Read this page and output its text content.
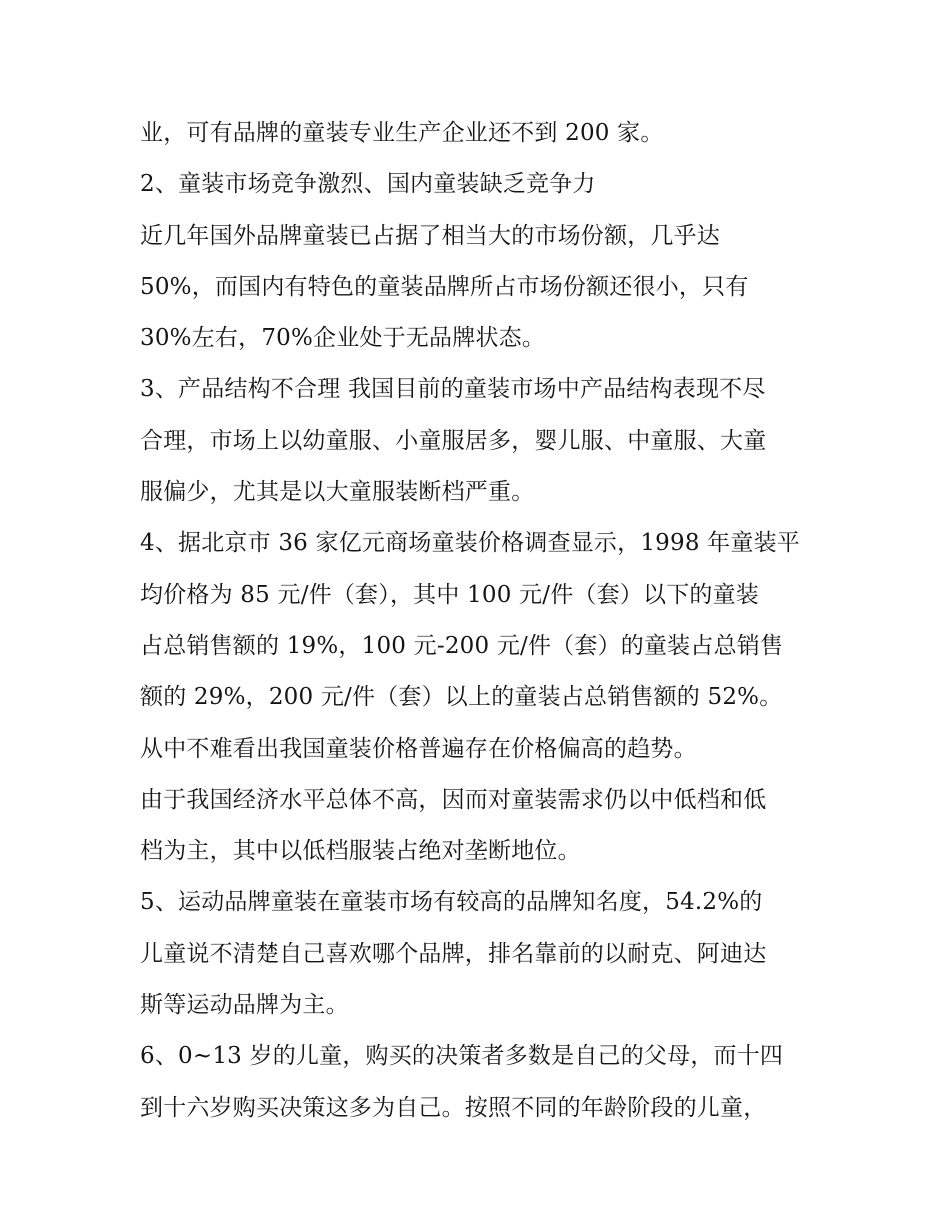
业，可有品牌的童装专业生产企业还不到 200 家。
2、童装市场竞争激烈、国内童装缺乏竞争力
近几年国外品牌童装已占据了相当大的市场份额，几乎达
50%，而国内有特色的童装品牌所占市场份额还很小，只有
30%左右，70%企业处于无品牌状态。
3、产品结构不合理 我国目前的童装市场中产品结构表现不尽
合理，市场上以幼童服、小童服居多，婴儿服、中童服、大童
服偏少，尤其是以大童服装断档严重。
4、据北京市 36 家亿元商场童装价格调查显示，1998 年童装平
均价格为 85 元/件（套），其中 100 元/件（套）以下的童装
占总销售额的 19%，100 元-200 元/件（套）的童装占总销售
额的 29%，200 元/件（套）以上的童装占总销售额的 52%。
从中不难看出我国童装价格普遍存在价格偏高的趋势。
由于我国经济水平总体不高，因而对童装需求仍以中低档和低
档为主，其中以低档服装占绝对垄断地位。
5、运动品牌童装在童装市场有较高的品牌知名度，54.2%的
儿童说不清楚自己喜欢哪个品牌，排名靠前的以耐克、阿迪达
斯等运动品牌为主。
6、0~13 岁的儿童，购买的决策者多数是自己的父母，而十四
到十六岁购买决策这多为自己。按照不同的年龄阶段的儿童，
